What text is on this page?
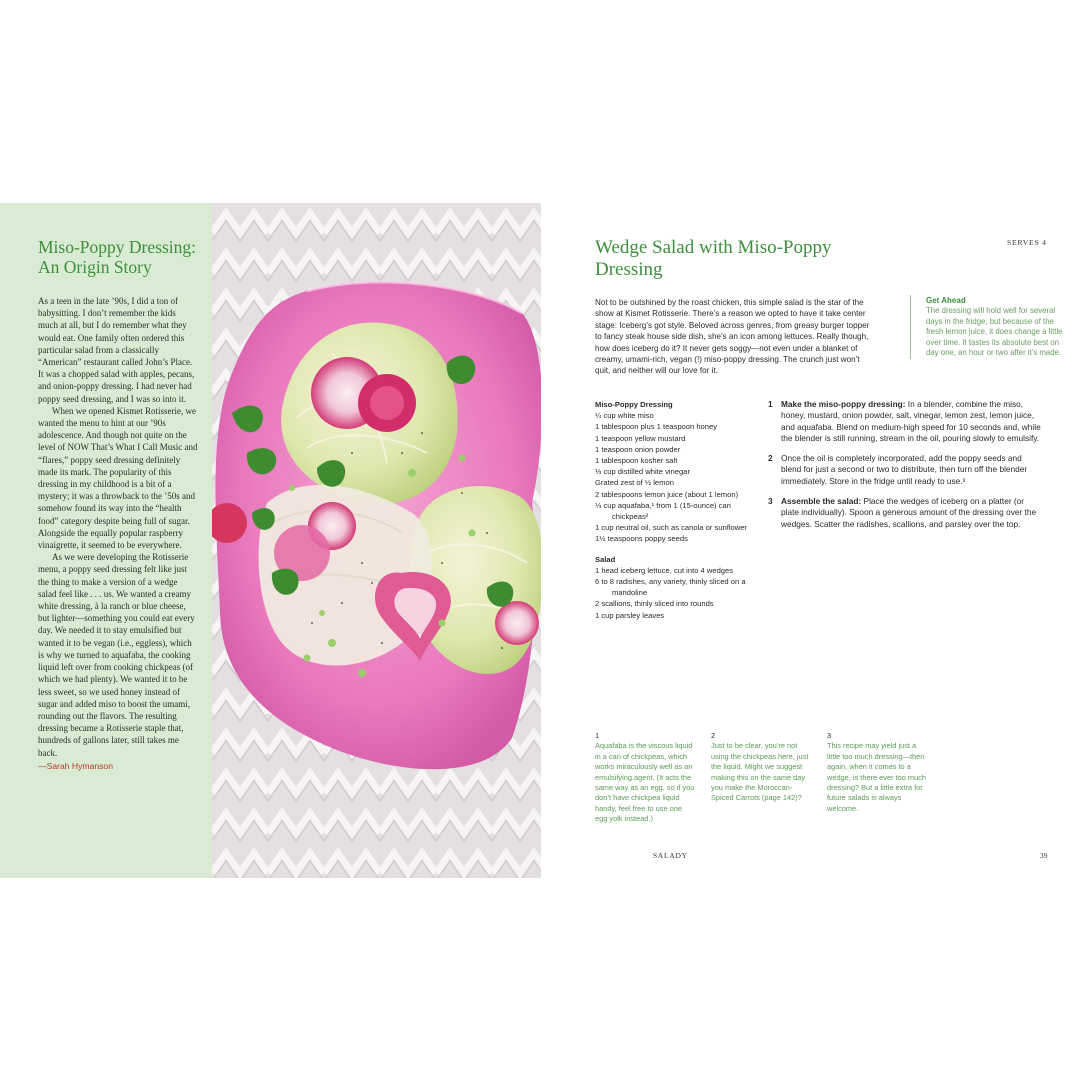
Miso-Poppy Dressing: An Origin Story

As a teen in the late ’90s, I did a ton of babysitting. I don’t remember the kids much at all, but I do remember what they would eat. One family often ordered this particular salad from a classically “American” restaurant called John’s Place. It was a chopped salad with apples, pecans, and onion-poppy dressing. I had never had poppy seed dressing, and I was so into it.

When we opened Kismet Rotisserie, we wanted the menu to hint at our ’90s adolescence. And though not quite on the level of NOW That’s What I Call Music and “flares,” poppy seed dressing definitely made its mark. The popularity of this dressing in my childhood is a bit of a mystery; it was a throwback to the ’50s and somehow found its way into the “health food” category despite being full of sugar. Alongside the equally popular raspberry vinaigrette, it seemed to be everywhere.

As we were developing the Rotisserie menu, a poppy seed dressing felt like just the thing to make a version of a wedge salad feel like . . . us. We wanted a creamy white dressing, à la ranch or blue cheese, but lighter—something you could eat every day. We needed it to stay emulsified but wanted it to be vegan (i.e., eggless), which is why we turned to aquafaba, the cooking liquid left over from cooking chickpeas (of which we had plenty). We wanted it to be less sweet, so we used honey instead of sugar and added miso to boost the umami, rounding out the flavors. The resulting dressing became a Rotisserie staple that, hundreds of gallons later, still takes me back.

—Sarah Hymanson
Wedge Salad with Miso-Poppy Dressing
SERVES 4
Not to be outshined by the roast chicken, this simple salad is the star of the show at Kismet Rotisserie. There’s a reason we opted to have it take center stage: Iceberg’s got style. Beloved across genres, from greasy burger topper to fancy steak house side dish, she’s an icon among lettuces. Really though, how does iceberg do it? It never gets soggy—not even under a blanket of creamy, umami-rich, vegan (!) miso-poppy dressing. The crunch just won’t quit, and neither will our love for it.
Get Ahead
The dressing will hold well for several days in the fridge, but because of the fresh lemon juice, it does change a little over time. It tastes its absolute best on day one, an hour or two after it’s made.
Miso-Poppy Dressing
¼ cup white miso
1 tablespoon plus 1 teaspoon honey
1 teaspoon yellow mustard
1 teaspoon onion powder
1 tablespoon kosher salt
⅓ cup distilled white vinegar
Grated zest of ½ lemon
2 tablespoons lemon juice (about 1 lemon)
⅓ cup aquafaba,¹ from 1 (15-ounce) can chickpeas²
1 cup neutral oil, such as canola or sunflower
1½ teaspoons poppy seeds
Salad
1 head iceberg lettuce, cut into 4 wedges
6 to 8 radishes, any variety, thinly sliced on a mandoline
2 scallions, thinly sliced into rounds
1 cup parsley leaves
1 Make the miso-poppy dressing: In a blender, combine the miso, honey, mustard, onion powder, salt, vinegar, lemon zest, lemon juice, and aquafaba. Blend on medium-high speed for 10 seconds and, while the blender is still running, stream in the oil, pouring slowly to emulsify.
2 Once the oil is completely incorporated, add the poppy seeds and blend for just a second or two to distribute, then turn off the blender immediately. Store in the fridge until ready to use.³
3 Assemble the salad: Place the wedges of iceberg on a platter (or plate individually). Spoon a generous amount of the dressing over the wedges. Scatter the radishes, scallions, and parsley over the top.
1
Aquafaba is the viscous liquid in a can of chickpeas, which works miraculously well as an emulsifying agent. (It acts the same way as an egg, so if you don’t have chickpea liquid handy, feel free to use one egg yolk instead.)
2
Just to be clear, you’re not using the chickpeas here, just the liquid. Might we suggest making this on the same day you make the Moroccan-Spiced Carrots (page 142)?
3
This recipe may yield just a little too much dressing—then again, when it comes to a wedge, is there ever too much dressing? But a little extra for future salads is always welcome.
SALADY	39
